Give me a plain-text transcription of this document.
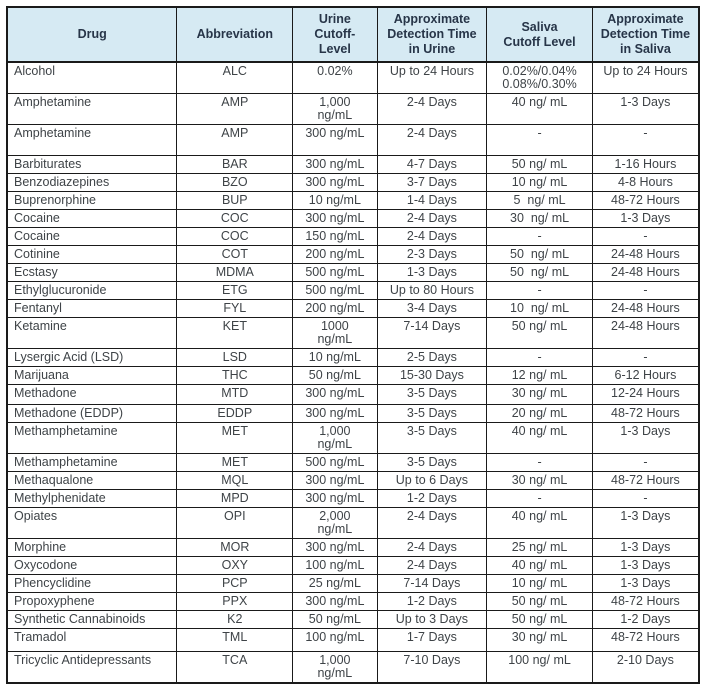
Drug	Abbreviation	Urine
Cutoff-
Level	Approximate
Detection Time
in Urine	Saliva
Cutoff Level	Approximate
Detection Time
in Saliva
Alcohol	ALC	0.02%	Up to 24 Hours	0.02%/0.04%
0.08%/0.30%	Up to 24 Hours
Amphetamine	AMP	1,000
ng/mL	2-4 Days	40 ng/ mL	1-3 Days
Amphetamine	AMP	300 ng/mL	2-4 Days	-	-
Barbiturates	BAR	300 ng/mL	4-7 Days	50 ng/ mL	1-16 Hours
Benzodiazepines	BZO	300 ng/mL	3-7 Days	10 ng/ mL	4-8 Hours
Buprenorphine	BUP	10 ng/mL	1-4 Days	5  ng/ mL	48-72 Hours
Cocaine	COC	300 ng/mL	2-4 Days	30  ng/ mL	1-3 Days
Cocaine	COC	150 ng/mL	2-4 Days	-	-
Cotinine	COT	200 ng/mL	2-3 Days	50  ng/ mL	24-48 Hours
Ecstasy	MDMA	500 ng/mL	1-3 Days	50  ng/ mL	24-48 Hours
Ethylglucuronide	ETG	500 ng/mL	Up to 80 Hours	-	-
Fentanyl	FYL	200 ng/mL	3-4 Days	10  ng/ mL	24-48 Hours
Ketamine	KET	1000
ng/mL	7-14 Days	50 ng/ mL	24-48 Hours
Lysergic Acid (LSD)	LSD	10 ng/mL	2-5 Days	-	-
Marijuana	THC	50 ng/mL	15-30 Days	12 ng/ mL	6-12 Hours
Methadone	MTD	300 ng/mL	3-5 Days	30 ng/ mL	12-24 Hours
Methadone (EDDP)	EDDP	300 ng/mL	3-5 Days	20 ng/ mL	48-72 Hours
Methamphetamine	MET	1,000
ng/mL	3-5 Days	40 ng/ mL	1-3 Days
Methamphetamine	MET	500 ng/mL	3-5 Days	-	-
Methaqualone	MQL	300 ng/mL	Up to 6 Days	30 ng/ mL	48-72 Hours
Methylphenidate	MPD	300 ng/mL	1-2 Days	-	-
Opiates	OPI	2,000
ng/mL	2-4 Days	40 ng/ mL	1-3 Days
Morphine	MOR	300 ng/mL	2-4 Days	25 ng/ mL	1-3 Days
Oxycodone	OXY	100 ng/mL	2-4 Days	40 ng/ mL	1-3 Days
Phencyclidine	PCP	25 ng/mL	7-14 Days	10 ng/ mL	1-3 Days
Propoxyphene	PPX	300 ng/mL	1-2 Days	50 ng/ mL	48-72 Hours
Synthetic Cannabinoids	K2	50 ng/mL	Up to 3 Days	50 ng/ mL	1-2 Days
Tramadol	TML	100 ng/mL	1-7 Days	30 ng/ mL	48-72 Hours
Tricyclic Antidepressants	TCA	1,000
ng/mL	7-10 Days	100 ng/ mL	2-10 Days
